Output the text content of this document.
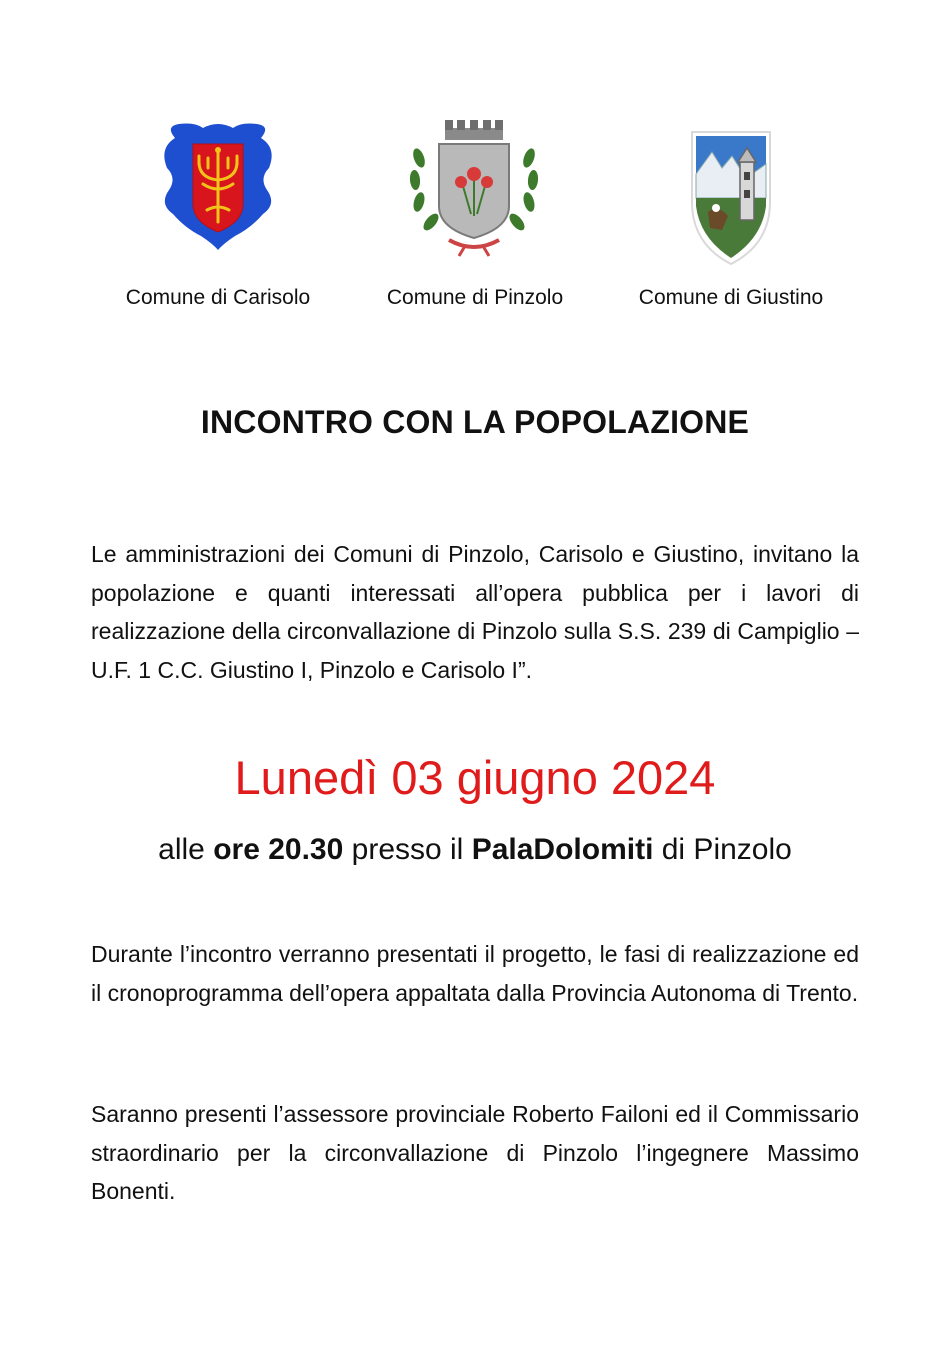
Comune di Carisolo	Comune di Pinzolo	Comune di Giustino
INCONTRO CON LA POPOLAZIONE
Le amministrazioni dei Comuni di Pinzolo, Carisolo e Giustino, invitano la popolazione e quanti interessati all’opera pubblica per i lavori di realizzazione della circonvallazione di Pinzolo sulla S.S. 239 di Campiglio – U.F. 1 C.C. Giustino I, Pinzolo e Carisolo I”.
Lunedì 03 giugno 2024
alle ore 20.30 presso il PalaDolomiti di Pinzolo
Durante l’incontro verranno presentati il progetto, le fasi di realizzazione ed il cronoprogramma dell’opera appaltata dalla Provincia Autonoma di Trento.
Saranno presenti l’assessore provinciale Roberto Failoni ed il Commissario straordinario per la circonvallazione di Pinzolo l’ingegnere Massimo Bonenti.
